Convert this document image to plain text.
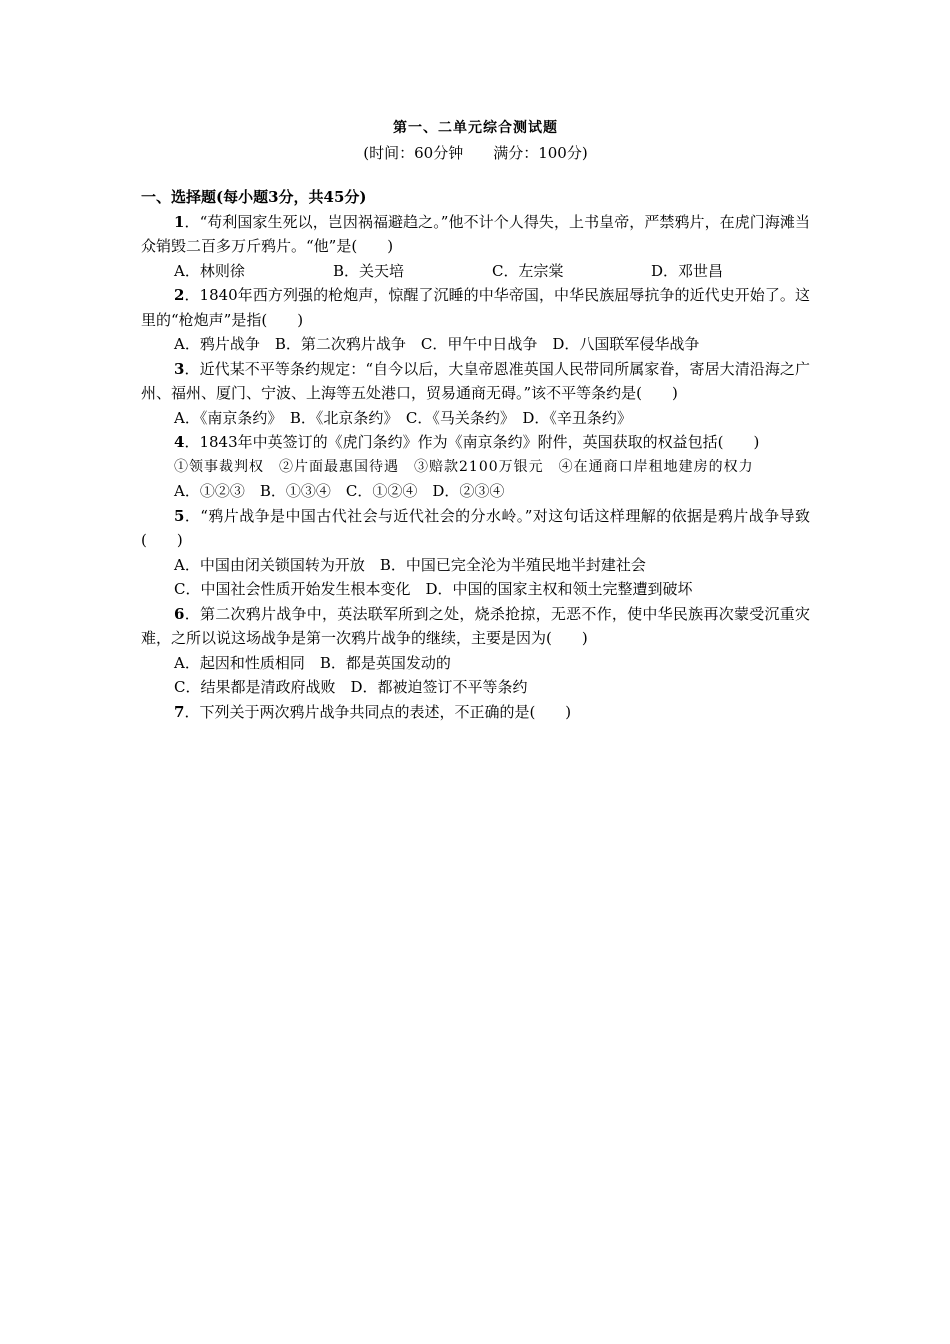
第一、二单元综合测试题
(时间：60分钟　　满分：100分)
一、选择题(每小题3分，共45分)
1．“苟利国家生死以，岂因祸福避趋之。”他不计个人得失，上书皇帝，严禁鸦片，在虎门海滩当众销毁二百多万斤鸦片。“他”是(　　)
A．林则徐	B．关天培	C．左宗棠	D．邓世昌
2．1840年西方列强的枪炮声，惊醒了沉睡的中华帝国，中华民族屈辱抗争的近代史开始了。这里的“枪炮声”是指(　　)
A．鸦片战争　B．第二次鸦片战争　C．甲午中日战争　D．八国联军侵华战争
3．近代某不平等条约规定：“自今以后，大皇帝恩准英国人民带同所属家眷，寄居大清沿海之广州、福州、厦门、宁波、上海等五处港口，贸易通商无碍。”该不平等条约是(　　)
A．《南京条约》　B．《北京条约》　C．《马关条约》　D．《辛丑条约》
4．1843年中英签订的《虎门条约》作为《南京条约》附件，英国获取的权益包括(　　)
①领事裁判权　②片面最惠国待遇　③赔款2100万银元　④在通商口岸租地建房的权力
A．①②③　B．①③④　C．①②④　D．②③④
5．“鸦片战争是中国古代社会与近代社会的分水岭。”对这句话这样理解的依据是鸦片战争导致(　　)
A．中国由闭关锁国转为开放　B．中国已完全沦为半殖民地半封建社会
C．中国社会性质开始发生根本变化　D．中国的国家主权和领土完整遭到破坏
6．第二次鸦片战争中，英法联军所到之处，烧杀抢掠，无恶不作，使中华民族再次蒙受沉重灾难，之所以说这场战争是第一次鸦片战争的继续，主要是因为(　　)
A．起因和性质相同　B．都是英国发动的
C．结果都是清政府战败　D．都被迫签订不平等条约
7．下列关于两次鸦片战争共同点的表述，不正确的是(　　)
